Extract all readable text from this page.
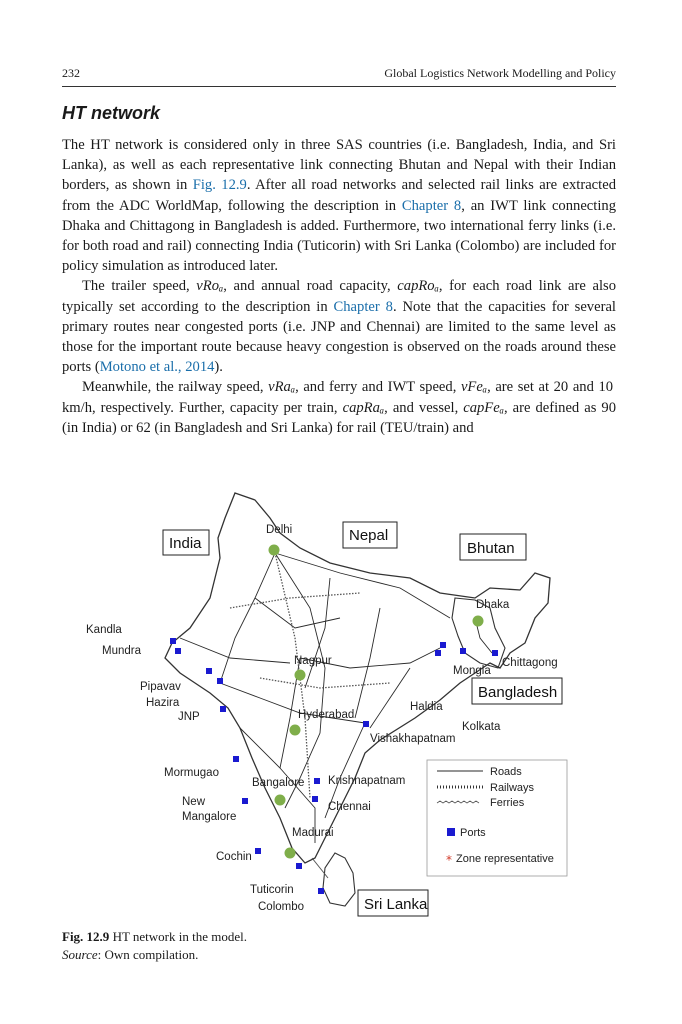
232	Global Logistics Network Modelling and Policy
HT network

The HT network is considered only in three SAS countries (i.e. Bangladesh, India, and Sri Lanka), as well as each representative link connecting Bhutan and Nepal with their Indian borders, as shown in Fig. 12.9. After all road networks and selected rail links are extracted from the ADC WorldMap, following the description in Chapter 8, an IWT link connecting Dhaka and Chittagong in Bangladesh is added. Furthermore, two international ferry links (i.e. for both road and rail) connecting India (Tuticorin) with Sri Lanka (Colombo) are included for policy simulation as introduced later.

The trailer speed, vRoₐ, and annual road capacity, capRoₐ, for each road link are also typically set according to the description in Chapter 8. Note that the capacities for several primary routes near congested ports (i.e. JNP and Chennai) are limited to the same level as those for the important route because heavy congestion is observed on the roads around these ports (Motono et al., 2014).

Meanwhile, the railway speed, vRaₐ, and ferry and IWT speed, vFeₐ, are set at 20 and 10 km/h, respectively. Further, capacity per train, capRaₐ, and vessel, capFeₐ, are defined as 90 (in India) or 62 (in Bangladesh and Sri Lanka) for rail (TEU/train) and

India	Nepal
Bhutan
Bangladesh
Sri Lanka
Delhi
Dhaka
Nagpur
Hyderabad
Bangalore
Madurai
Kandla
Mundra
Pipavav
Hazira
JNP
Mormugao
New
Mangalore
Cochin
Tuticorin
Colombo
Krishnapatnam
Chennai
Vishakhapatnam
Haldia
Kolkata
Mongla
Chittagong
Roads
Railways
Ferries
Ports
* Zone representative
Fig. 12.9 HT network in the model.
Source: Own compilation.
